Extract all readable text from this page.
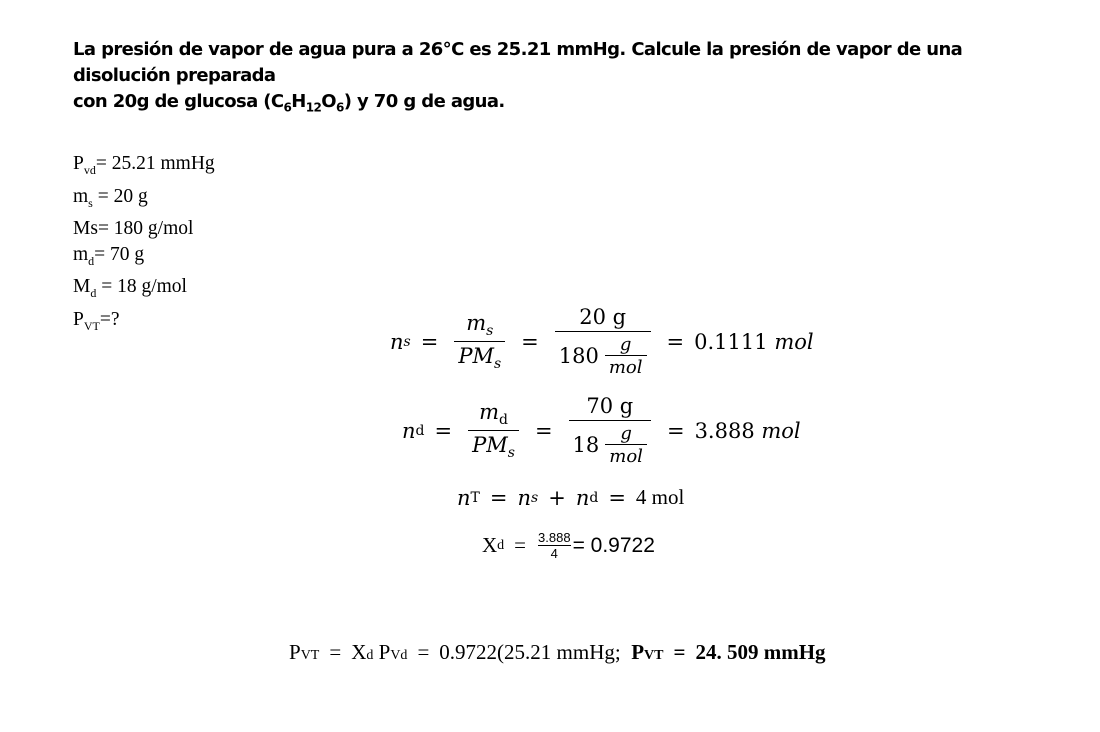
La presión de vapor de agua pura a 26°C es 25.21 mmHg. Calcule la presión de vapor de una disolución preparada
con 20g de glucosa $(C_6H_{12}O_6)$ y 70 g de agua.
$P_{vd}= 25.21$ mmHg
$m_s = 20$ g
Ms= 180 g/mol
$m_d= 70$ g
$M_d = 18$ g/mol
$P_{VT}=$?
n $s = \frac{m_s}{PM_s} = 20$ g
180 g
mol = 0.1111
mol
n $d = \frac{m_d}{PM_s} = 70$ g
18 g
mol = 3.888
mol
n T = n s + n d = 4 mol
X $d = \frac{3.888}{4} = 0.9722$
P VT = X d
P Vd = 0.9722(25.21 mmHg;
P VT = 24. 509 mmHg
